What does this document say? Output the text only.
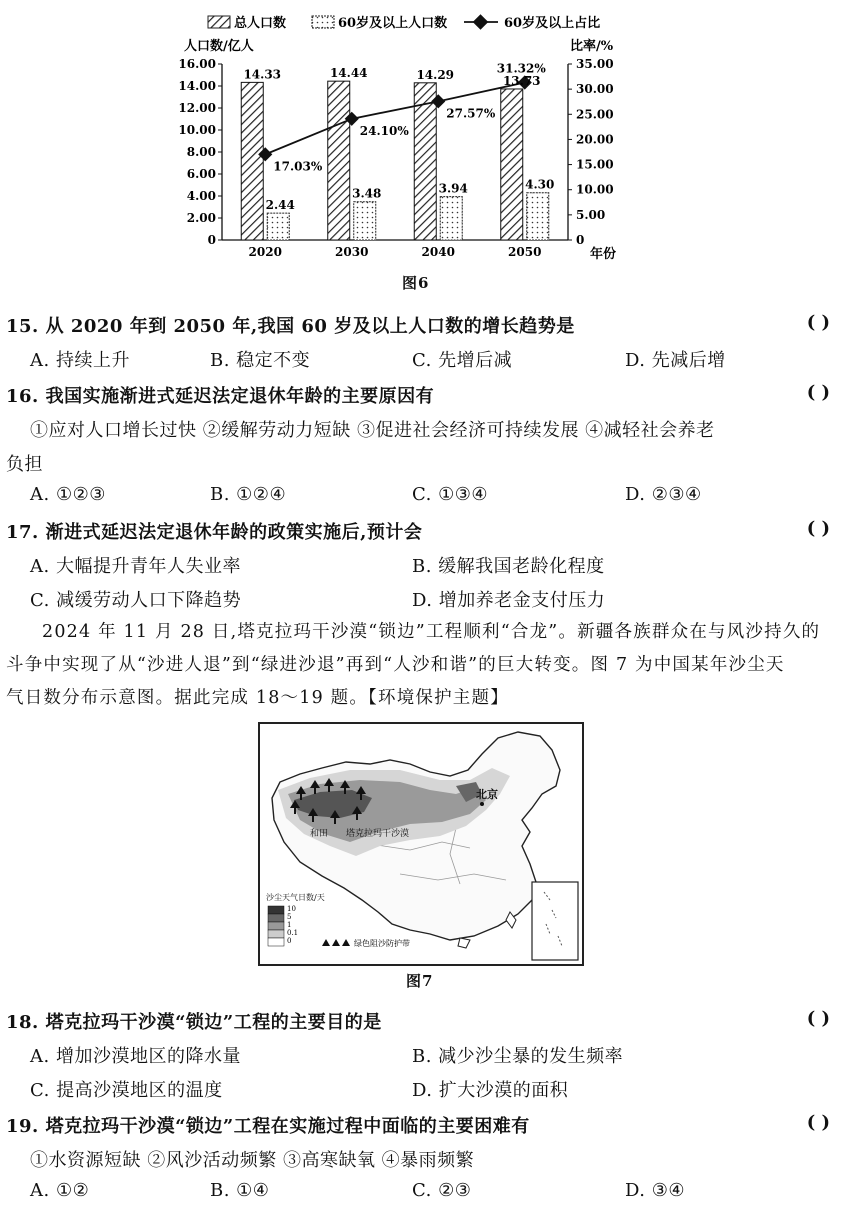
总人口数	60岁及以上人口数	60岁及以上占比
人口数/亿人	比率/%
年份
0
2.00
4.00
6.00
8.00
10.00
12.00
14.00
16.00
0
5.00
10.00
15.00
20.00
25.00
30.00
35.00
14.33
2.44
2020
14.44
3.48
2030
14.29
3.94
2040
13.73
4.30
2050
17.03%
24.10%
27.57%
31.32%
图6
15. 从 2020 年到 2050 年,我国 60 岁及以上人口数的增长趋势是	( )
A. 持续上升	B. 稳定不变	C. 先增后减	D. 先减后增
16. 我国实施渐进式延迟法定退休年龄的主要原因有	( )
①应对人口增长过快 ②缓解劳动力短缺 ③促进社会经济可持续发展 ④减轻社会养老
负担
A. ①②③	B. ①②④	C. ①③④	D. ②③④
17. 渐进式延迟法定退休年龄的政策实施后,预计会	( )
A. 大幅提升青年人失业率	B. 缓解我国老龄化程度
C. 减缓劳动人口下降趋势	D. 增加养老金支付压力
2024 年 11 月 28 日,塔克拉玛干沙漠“锁边”工程顺利“合龙”。新疆各族群众在与风沙持久的
斗争中实现了从“沙进人退”到“绿进沙退”再到“人沙和谐”的巨大转变。图 7 为中国某年沙尘天
气日数分布示意图。据此完成 18～19 题。【环境保护主题】
北京
和田 塔克拉玛干沙漠
沙尘天气日数/天
10
5
1
0.1
0	绿色阻沙防护带
图7
18. 塔克拉玛干沙漠“锁边”工程的主要目的是	( )
A. 增加沙漠地区的降水量	B. 减少沙尘暴的发生频率
C. 提高沙漠地区的温度	D. 扩大沙漠的面积
19. 塔克拉玛干沙漠“锁边”工程在实施过程中面临的主要困难有	( )
①水资源短缺 ②风沙活动频繁 ③高寒缺氧 ④暴雨频繁
A. ①②	B. ①④	C. ②③	D. ③④
